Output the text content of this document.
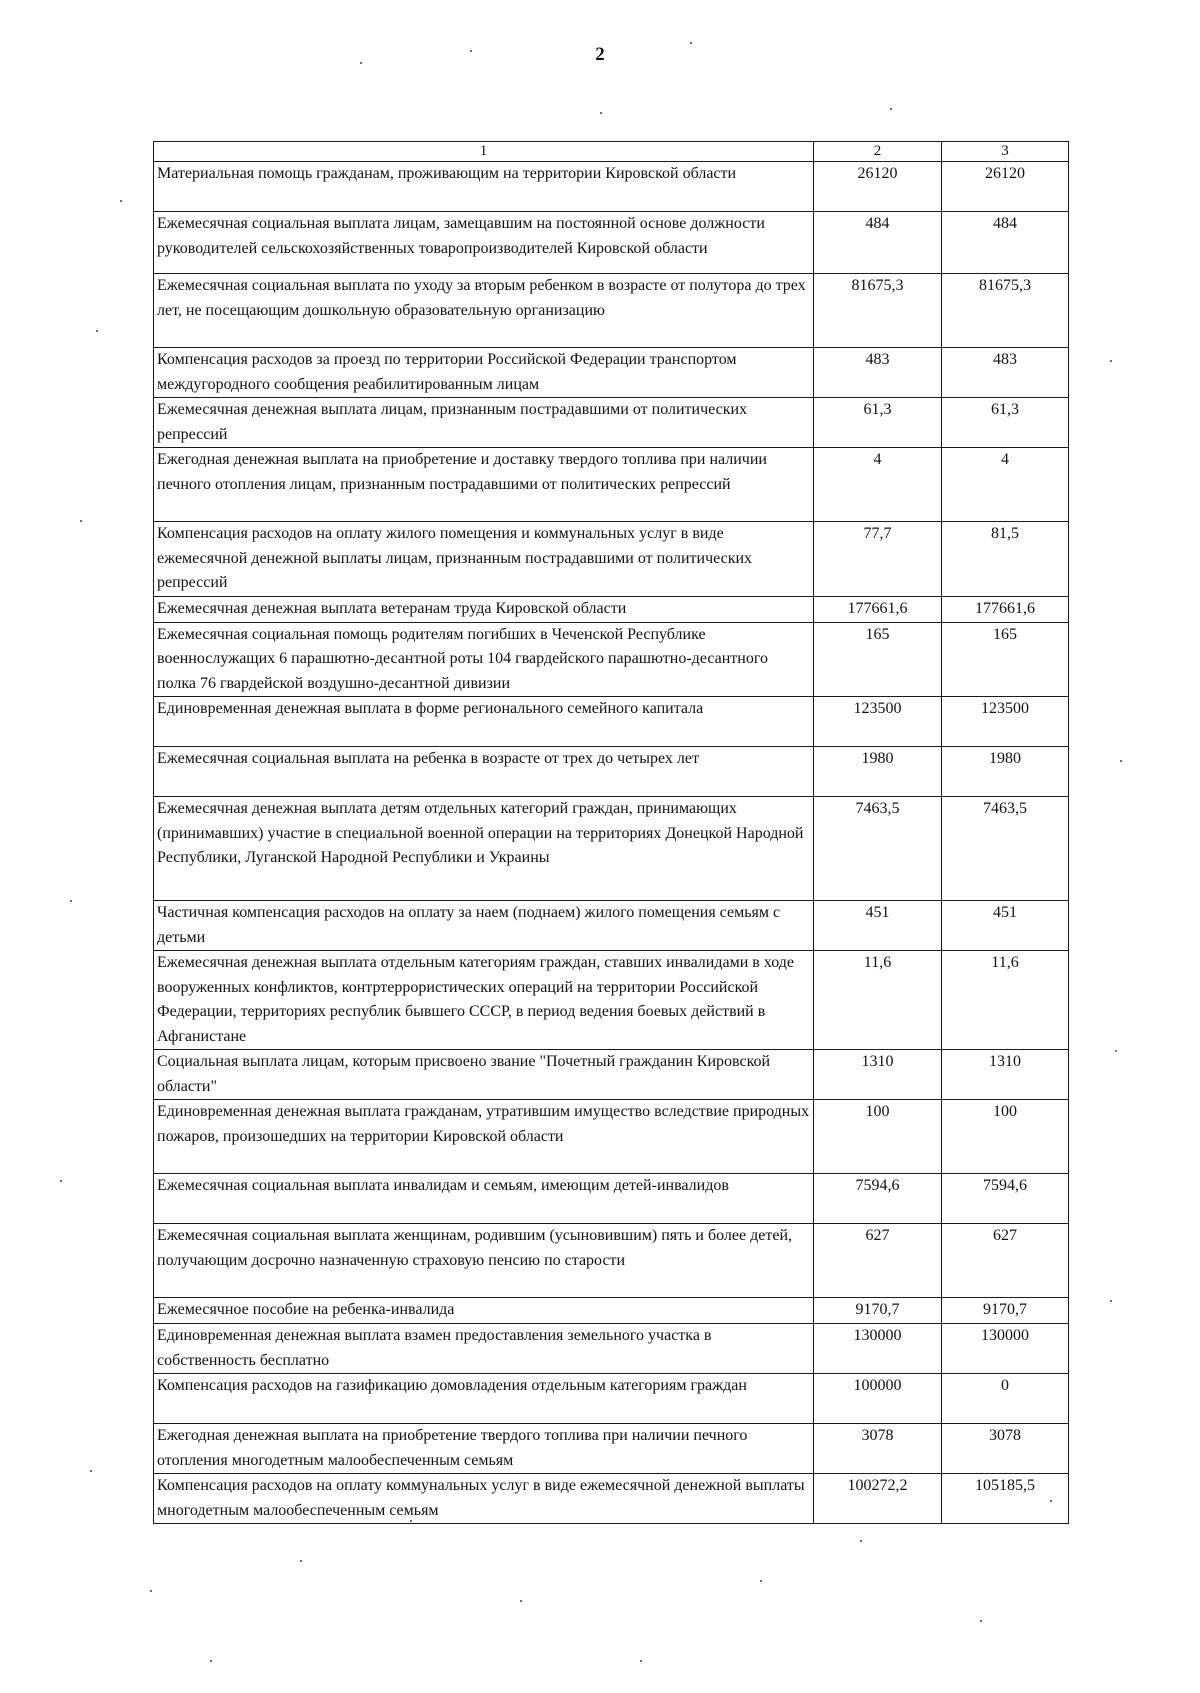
2
1	2	3
Материальная помощь гражданам, проживающим на территории Кировской области	26120	26120
Ежемесячная социальная выплата лицам, замещавшим на постоянной основе должности руководителей сельскохозяйственных товаропроизводителей Кировской области	484	484
Ежемесячная социальная выплата по уходу за вторым ребенком в возрасте от полутора до трех лет, не посещающим дошкольную образовательную организацию	81675,3	81675,3
Компенсация расходов за проезд по территории Российской Федерации транспортом междугородного сообщения реабилитированным лицам	483	483
Ежемесячная денежная выплата лицам, признанным пострадавшими от политических репрессий	61,3	61,3
Ежегодная денежная выплата на приобретение и доставку твердого топлива при наличии печного отопления лицам, признанным пострадавшими от политических репрессий	4	4
Компенсация расходов на оплату жилого помещения и коммунальных услуг в виде ежемесячной денежной выплаты лицам, признанным пострадавшими от политических репрессий	77,7	81,5
Ежемесячная денежная выплата ветеранам труда Кировской области	177661,6	177661,6
Ежемесячная социальная помощь родителям погибших в Чеченской Республике военнослужащих 6 парашютно-десантной роты 104 гвардейского парашютно-десантного полка 76 гвардейской воздушно-десантной дивизии	165	165
Единовременная денежная выплата в форме регионального семейного капитала	123500	123500
Ежемесячная социальная выплата на ребенка в возрасте от трех до четырех лет	1980	1980
Ежемесячная денежная выплата детям отдельных категорий граждан, принимающих (принимавших) участие в специальной военной операции на территориях Донецкой Народной Республики, Луганской Народной Республики и Украины	7463,5	7463,5
Частичная компенсация расходов на оплату за наем (поднаем) жилого помещения семьям с детьми	451	451
Ежемесячная денежная выплата отдельным категориям граждан, ставших инвалидами в ходе вооруженных конфликтов, контртеррористических операций на территории Российской Федерации, территориях республик бывшего СССР, в период ведения боевых действий в Афганистане	11,6	11,6
Социальная выплата лицам, которым присвоено звание "Почетный гражданин Кировской области"	1310	1310
Единовременная денежная выплата гражданам, утратившим имущество вследствие природных пожаров, произошедших на территории Кировской области	100	100
Ежемесячная социальная выплата инвалидам и семьям, имеющим детей-инвалидов	7594,6	7594,6
Ежемесячная социальная выплата женщинам, родившим (усыновившим) пять и более детей, получающим досрочно назначенную страховую пенсию по старости	627	627
Ежемесячное пособие на ребенка-инвалида	9170,7	9170,7
Единовременная денежная выплата взамен предоставления земельного участка в собственность бесплатно	130000	130000
Компенсация расходов на газификацию домовладения отдельным категориям граждан	100000	0
Ежегодная денежная выплата на приобретение твердого топлива при наличии печного отопления многодетным малообеспеченным семьям	3078	3078
Компенсация расходов на оплату коммунальных услуг в виде ежемесячной денежной выплаты многодетным малообеспеченным семьям	100272,2	105185,5
